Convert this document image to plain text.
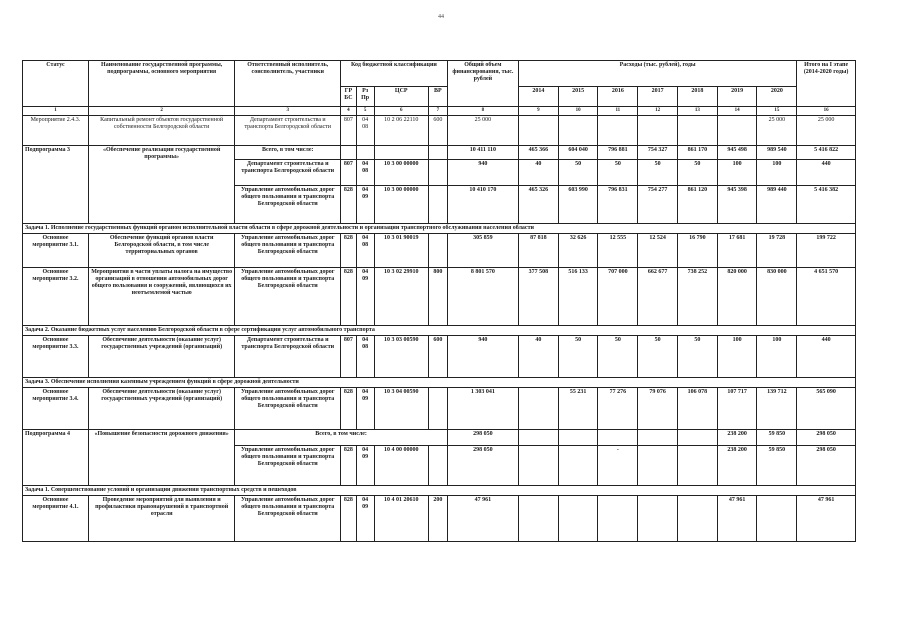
44
Статус	Наименование государственной программы, подпрограммы, основного мероприятия	Ответственный исполнитель, соисполнитель, участники	Код бюджетной классификации				Общий объем финансирования, тыс. рублей	Расходы (тыс. рублей), годы							Итого на I этапе (2014-2020 годы)
			ГРБС	Рз Пр	ЦСР	ВР		2014	2015	2016	2017	2018	2019	2020	
1	2	3	4	5	6	7	8	9	10	11	12	13	14	15	16
Мероприятие 2.4.3.	Капитальный ремонт объектов государственной собственности Белгородской области	Департамент строительства и транспорта Белгородской области	807	04 08	10 2 06 22110	600	25 000							25 000	25 000
Подпрограмма 3	«Обеспечение реализации государственной программы»	Всего, в том числе:					10 411 110	465 366	604 040	796 881	754 327	861 170	945 498	989 540	5 416 822
		Департамент строительства и транспорта Белгородской области	807	04 08	10 3 00 00000		940	40	50	50	50	50	100	100	440
		Управление автомобильных дорог общего пользования и транспорта Белгородской области	828	04 09	10 3 00 00000		10 410 170	465 326	603 990	796 831	754 277	861 120	945 398	989 440	5 416 382
Задача 1. Исполнение государственных функций органом исполнительной власти области в сфере дорожной деятельности и организации транспортного обслуживания населения области															
Основное мероприятие 3.1.	Обеспечение функций органов власти Белгородской области, в том числе территориальных органов	Управление автомобильных дорог общего пользования и транспорта Белгородской области	828	04 08	10 3 01 90019		305 859	87 818	32 626	12 555	12 524	16 790	17 681	19 728	199 722
Основное мероприятие 3.2.	Мероприятия в части уплаты налога на имущество организаций в отношении автомобильных дорог общего пользования и сооружений, являющихся их неотъемлемой частью	Управление автомобильных дорог общего пользования и транспорта Белгородской области	828	04 09	10 3 02 29910	800	8 801 570	377 508	516 133	707 000	662 677	738 252	820 000	830 000	4 651 570
Задача 2. Оказание бюджетных услуг населению Белгородской области в сфере сертификации услуг автомобильного транспорта															
Основное мероприятие 3.3.	Обеспечение деятельности (оказание услуг) государственных учреждений (организаций)	Департамент строительства и транспорта Белгородской области	807	04 08	10 3 03 00590	600	940	40	50	50	50	50	100	100	440
Задача 3. Обеспечение исполнения казенным учреждением функций в сфере дорожной деятельности															
Основное мероприятие 3.4.	Обеспечение деятельности (оказание услуг) государственных учреждений (организаций)	Управление автомобильных дорог общего пользования и транспорта Белгородской области	828	04 09	10 3 04 00590		1 303 041		55 231	77 276	79 076	106 078	107 717	139 712	565 090
Подпрограмма 4	«Повышение безопасности дорожного движения»	Всего, в том числе:					298 050						238 200	59 850	298 050
		Управление автомобильных дорог общего пользования и транспорта Белгородской области	828	04 09	10 4 00 00000		298 050			-			238 200	59 850	298 050
Задача 1. Совершенствование условий и организации движения транспортных средств и пешеходов															
Основное мероприятие 4.1.	Проведение мероприятий для выявления и профилактики правонарушений в транспортной отрасли	Управление автомобильных дорог общего пользования и транспорта Белгородской области	828	04 09	10 4 01 20610	200	47 961						47 961		47 961
